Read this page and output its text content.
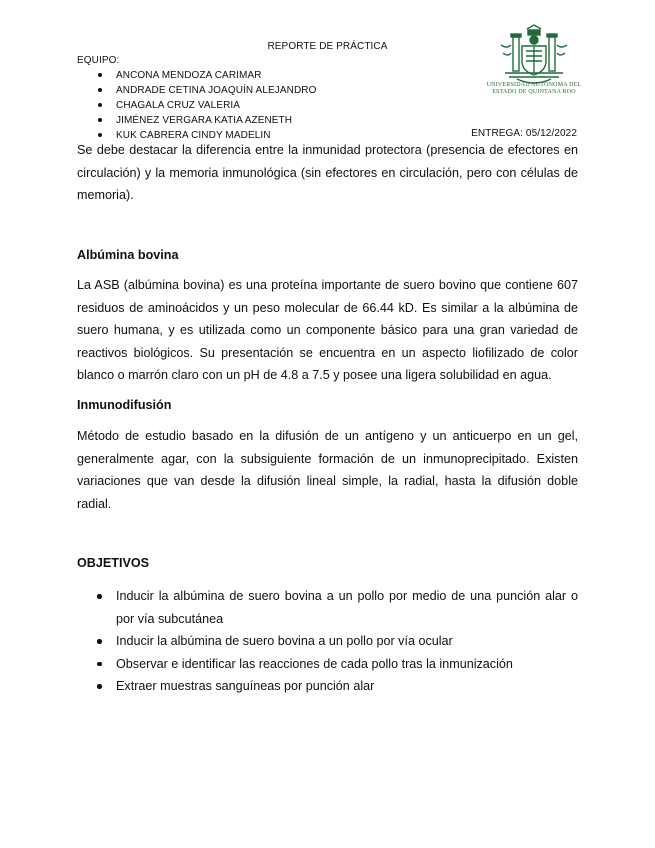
REPORTE DE PRÁCTICA
EQUIPO:
ANCONA MENDOZA CARIMAR
ANDRADE CETINA JOAQUÍN ALEJANDRO
CHAGALA CRUZ VALERIA
JIMÉNEZ VERGARA KATIA AZENETH
KUK CABRERA CINDY MADELIN	ENTREGA: 05/12/2022
UNIVERSIDAD AUTÓNOMA DEL
ESTADO DE QUINTANA ROO

Se debe destacar la diferencia entre la inmunidad protectora (presencia de efectores en circulación) y la memoria inmunológica (sin efectores en circulación, pero con células de memoria).

Albúmina bovina

La ASB (albúmina bovina) es una proteína importante de suero bovino que contiene 607 residuos de aminoácidos y un peso molecular de 66.44 kD. Es similar a la albúmina de suero humana, y es utilizada como un componente básico para una gran variedad de reactivos biológicos. Su presentación se encuentra en un aspecto liofilizado de color blanco o marrón claro con un pH de 4.8 a 7.5 y posee una ligera solubilidad en agua.

Inmunodifusión

Método de estudio basado en la difusión de un antígeno y un anticuerpo en un gel, generalmente agar, con la subsiguiente formación de un inmunoprecipitado. Existen variaciones que van desde la difusión lineal simple, la radial, hasta la difusión doble radial.

OBJETIVOS
Inducir la albúmina de suero bovina a un pollo por medio de una punción alar o por vía subcutánea
Inducir la albúmina de suero bovina a un pollo por vía ocular
Observar e identificar las reacciones de cada pollo tras la inmunización
Extraer muestras sanguíneas por punción alar
